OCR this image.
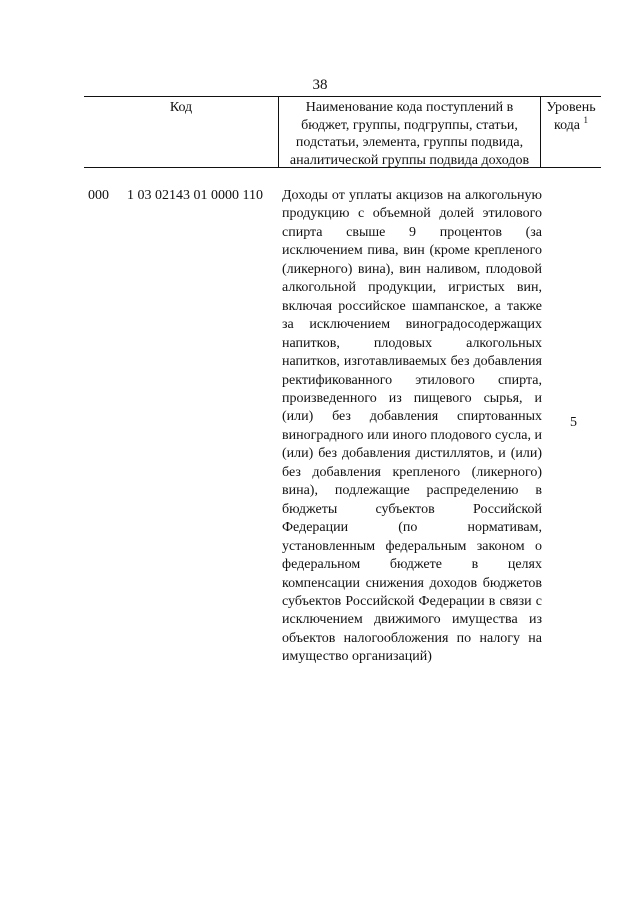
38
Код	Наименование кода поступлений в
бюджет, группы, подгруппы, статьи,
подстатьи, элемента, группы подвида,
аналитической группы подвида доходов
Уровень
кода $^1$
000 1 03 02143 01 0000 110 Доходы от уплаты акцизов на алкогольную продукцию с объемной долей этилового спирта свыше 9 процентов (за исключением пива, вин (кроме крепленого (ликерного) вина), вин наливом, плодовой алкогольной продукции, игристых вин, включая российское шампанское, а также за исключением виноградосодержащих напитков, плодовых алкогольных напитков, изготавливаемых без добавления ректификованного этилового спирта, произведенного из пищевого сырья, и (или) без добавления спиртованных виноградного или иного плодового сусла, и (или) без добавления дистиллятов, и (или) без добавления крепленого (ликерного) вина), подлежащие распределению в бюджеты субъектов Российской Федерации (по нормативам, установленным федеральным законом о федеральном бюджете в целях компенсации снижения доходов бюджетов субъектов Российской Федерации в связи с исключением движимого имущества из объектов налогообложения по налогу на имущество организаций)
5
